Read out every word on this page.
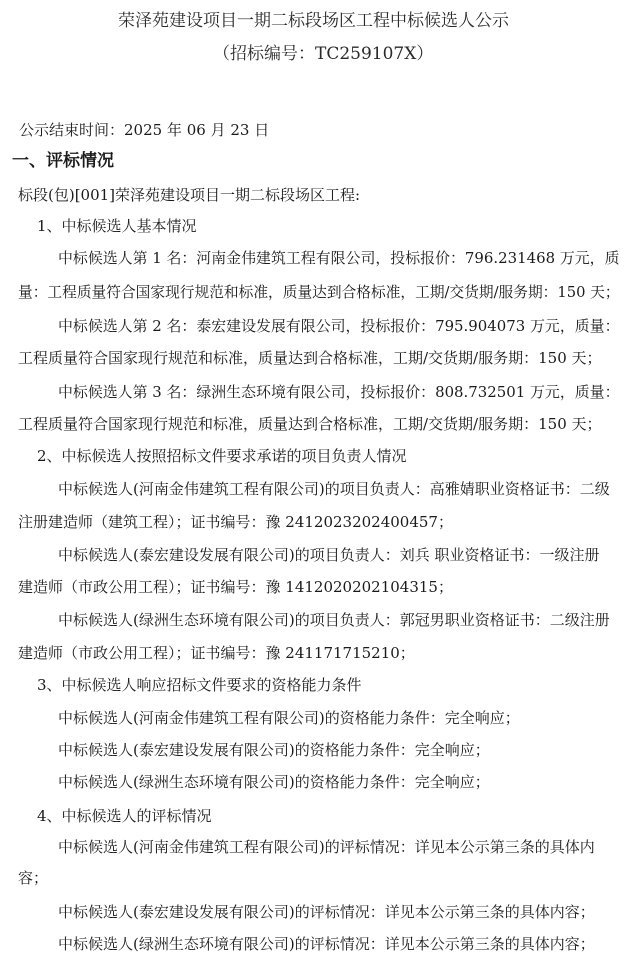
荣泽苑建设项目一期二标段场区工程中标候选人公示
（招标编号：TC259107X）
公示结束时间：2025 年 06 月 23 日
一、评标情况
标段(包)[001]荣泽苑建设项目一期二标段场区工程:
1、中标候选人基本情况
中标候选人第 1 名：河南金伟建筑工程有限公司，投标报价：796.231468 万元，质
量：工程质量符合国家现行规范和标准，质量达到合格标准，工期/交货期/服务期：150 天；
中标候选人第 2 名：泰宏建设发展有限公司，投标报价：795.904073 万元，质量：
工程质量符合国家现行规范和标准，质量达到合格标准，工期/交货期/服务期：150 天；
中标候选人第 3 名：绿洲生态环境有限公司，投标报价：808.732501 万元，质量：
工程质量符合国家现行规范和标准，质量达到合格标准，工期/交货期/服务期：150 天；
2、中标候选人按照招标文件要求承诺的项目负责人情况
中标候选人(河南金伟建筑工程有限公司)的项目负责人：高雅婧职业资格证书：二级
注册建造师（建筑工程）；证书编号：豫 2412023202400457；
中标候选人(泰宏建设发展有限公司)的项目负责人：刘兵 职业资格证书：一级注册
建造师（市政公用工程）；证书编号：豫 1412020202104315；
中标候选人(绿洲生态环境有限公司)的项目负责人：郭冠男职业资格证书：二级注册
建造师（市政公用工程）；证书编号：豫 241171715210；
3、中标候选人响应招标文件要求的资格能力条件
中标候选人(河南金伟建筑工程有限公司)的资格能力条件：完全响应；
中标候选人(泰宏建设发展有限公司)的资格能力条件：完全响应；
中标候选人(绿洲生态环境有限公司)的资格能力条件：完全响应；
4、中标候选人的评标情况
中标候选人(河南金伟建筑工程有限公司)的评标情况：详见本公示第三条的具体内
容；
中标候选人(泰宏建设发展有限公司)的评标情况：详见本公示第三条的具体内容；
中标候选人(绿洲生态环境有限公司)的评标情况：详见本公示第三条的具体内容；
